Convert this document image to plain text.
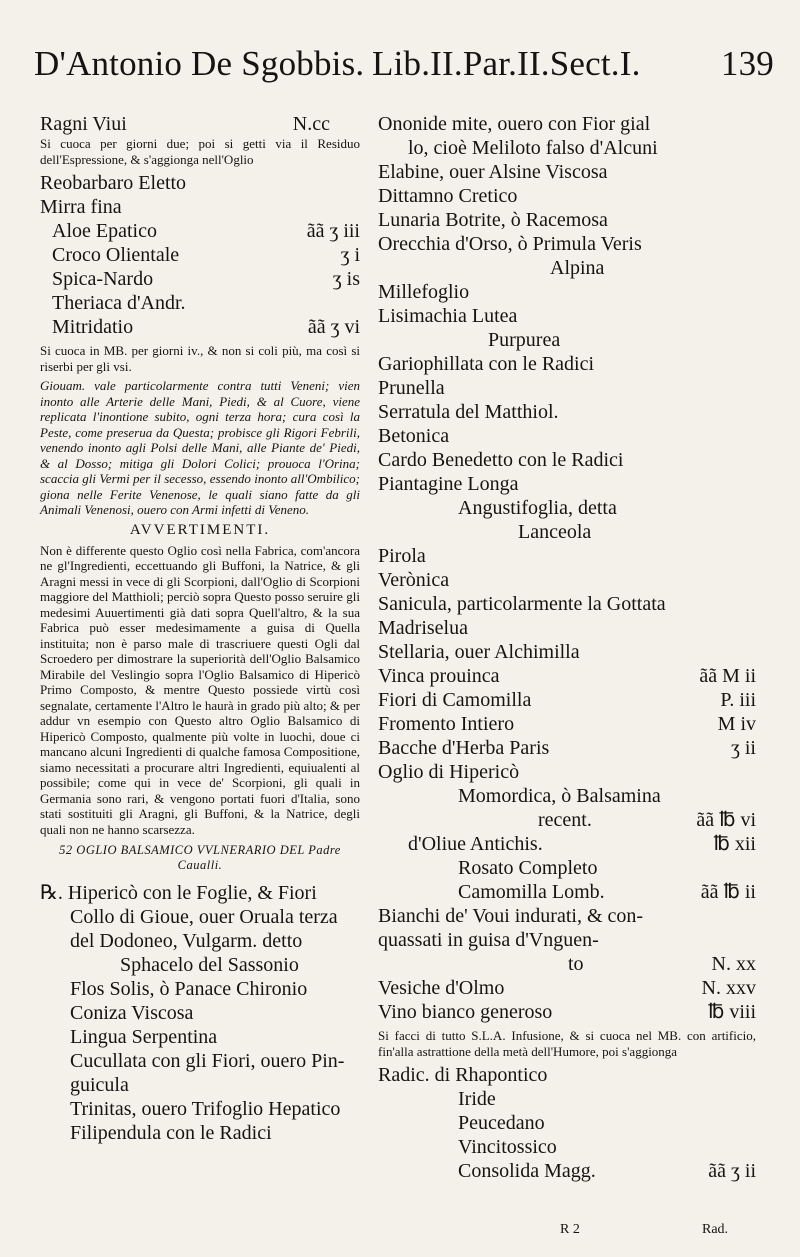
D'Antonio De Sgobbis. Lib.II.Par.II.Sect.I. 139
Ragni Viui	N.cc
Si cuoca per giorni due; poi si getti via il Residuo dell'Espressione, & s'aggionga nell'Oglio
Reobarbaro Eletto
Mirra fina
Aloe Epatico	ãã ʒ iii
Croco Olientale	ʒ i
Spica-Nardo	ʒ is
Theriaca d'Andr.
Mitridatio	ãã ʒ vi
Si cuoca in MB. per giorni iv., & non si coli più, ma così si riserbi per gli vsi.
Giouam. vale particolarmente contra tutti Veneni; vien inonto alle Arterie delle Mani, Piedi, & al Cuore, viene replicata l'inontione subito, ogni terza hora; cura così la Peste, come preserua da Questa; probisce gli Rigori Febrili, venendo inonto agli Polsi delle Mani, alle Piante de' Piedi, & al Dosso; mitiga gli Dolori Colici; prouoca l'Orina; scaccia gli Vermi per il secesso, essendo inonto all'Ombilico; giona nelle Ferite Venenose, le quali siano fatte da gli Animali Venenosi, ouero con Armi infetti di Veneno.
AVVERTIMENTI.
Non è differente questo Oglio così nella Fabrica, com'ancora ne gl'Ingredienti, eccettuando gli Buffoni, la Natrice, & gli Aragni messi in vece di gli Scorpioni, dall'Oglio di Scorpioni maggiore del Matthioli; perciò sopra Questo posso seruire gli medesimi Auuertimenti già dati sopra Quell'altro, & la sua Fabrica può esser medesimamente a guisa di Quella instituita; non è parso male di trascriuere questi Ogli dal Scroedero per dimostrare la superiorità dell'Oglio Balsamico Mirabile del Veslingio sopra l'Oglio Balsamico di Hipericò Primo Composto, & mentre Questo possiede virtù così segnalate, certamente l'Altro le haurà in grado più alto; & per addur vn esempio con Questo altro Oglio Balsamico di Hipericò Composto, qualmente più volte in luochi, doue ci mancano alcuni Ingredienti di qualche famosa Compositione, siamo necessitati a procurare altri Ingredienti, equiualenti al possibile; come qui in vece de' Scorpioni, gli quali in Germania sono rari, & vengono portati fuori d'Italia, sono stati sostituiti gli Aragni, gli Buffoni, & la Natrice, degli quali non ne hanno scarsezza.
52 OGLIO BALSAMICO VVLNERARIO DEL Padre Caualli.
℞. Hipericò con le Foglie, & Fiori
Collo di Gioue, ouer Oruala terza
del Dodoneo, Vulgarm. detto
Sphacelo del Sassonio
Flos Solis, ò Panace Chironio
Coniza Viscosa
Lingua Serpentina
Cucullata con gli Fiori, ouero Pin-
guicula
Trinitas, ouero Trifoglio Hepatico
Filipendula con le Radici
Ononide mite, ouero con Fior gial
lo, cioè Meliloto falso d'Alcuni
Elabine, ouer Alsine Viscosa
Dittamno Cretico
Lunaria Botrite, ò Racemosa
Orecchia d'Orso, ò Primula Veris
Alpina
Millefoglio
Lisimachia Lutea
Purpurea
Gariophillata con le Radici
Prunella
Serratula del Matthiol.
Betonica
Cardo Benedetto con le Radici
Piantagine Longa
Angustifoglia, detta
Lanceola
Pirola
Verònica
Sanicula, particolarmente la Gottata
Madriselua
Stellaria, ouer Alchimilla
Vinca prouinca	ãã M ii
Fiori di Camomilla	P. iii
Fromento Intiero	M iv
Bacche d'Herba Paris	ʒ ii
Oglio di Hipericò
Momordica, ò Balsamina
recent.	ãã ℔ vi
d'Oliue Antichis.	℔ xii
Rosato Completo
Camomilla Lomb.	ãã ℔ ii
Bianchi de' Voui indurati, & con-
quassati in guisa d'Vnguen-
to	N. xx
Vesiche d'Olmo	N. xxv
Vino bianco generoso	℔ viii
Si facci di tutto S.L.A. Infusione, & si cuoca nel MB. con artificio, fin'alla astrattione della metà dell'Humore, poi s'aggionga
Radic. di Rhapontico
Iride
Peucedano
Vincitossico
Consolida Magg.	ãã ʒ ii
R 2	Rad.
